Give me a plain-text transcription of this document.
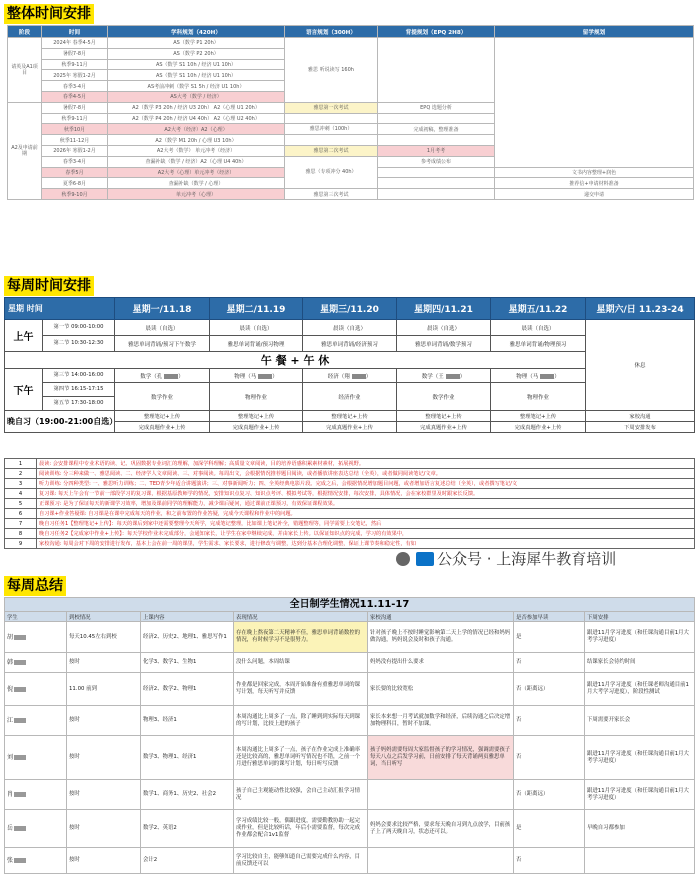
整体时间安排
阶段	时间	学科规划（420H）	语言规划（300H）	背提规划（EPQ 2H8）	留学规划
请英及A1项目	2024年 春季4-5月	AS（数学 P1 20h）	雅思 听说读写 160h		
	暑假7-8月	AS（数学 P2 20h）			
	秋季9-11月	AS（数学 S1 10h / 经济 U1 10h）			
	2025年 寒假1-2月	AS（数学 S1 10h / 经济 U1 10h）			
	春季3-4月	AS考前冲刺（数学 S1 5h / 经济 U1 10h）			
	春季4-5月	AS大考（数学 / 经济）			
A2及申请前期	暑假7-8月	A2（数学 P3 20h / 经济 U3 20h） A2（心理 U1 20h）	雅思第一次考试	EPQ 选题分析	
	秋季9-11月	A2（数学 P4 20h / 经济 U4 40h） A2（心理 U2 40h）			
	秋季10月	A2大考（经济）A2（心理）	雅思冲刺（100h）	完成初稿，整理准备	
	秋季11-12月	A2（数学 M1 20h / 心理 U3 10h）			
	2026年 寒假1-2月	A2大考（数学） 单元冲考（经济）	雅思第二次考试	1月考考	
	春季3-4月	查漏补缺（数学 / 经济）A2（心理 U4 40h）	雅思（专项冲分 40h）	参考成绩公布	
	春季5月	A2大考（心理）单元冲考（经济）			文书内容整理+润色
	夏季6-8月	查漏补缺（数学 / 心理）			推荐信+申请材料准备
	秋季9-10月	单元冲考（心理）	雅思第三次考试		递交申请
每周时间安排
星期 时间		星期一/11.18	星期二/11.19	星期三/11.20	星期四/11.21	星期五/11.22	星期六/日 11.23-24
上午	第一节 09:00-10:00	晨读（自选）	晨读（自选）	晨读（自选）	晨读（自选）	晨读（自选）	休息
	第二节 10:30-12:30	雅思单词背诵/预习下午数学	雅思单词背诵/预习物理	雅思单词背诵/经济预习	雅思单词背诵/数学预习	雅思单词背诵/物理预习	
午 餐 + 午 休							
下午	第三节 14:00-16:00	数学（孔 ）	物理（马 ）	经济（翔 ）	数学（王 ）	物理（马 ）	
	第四节 16:15-17:15	数学作业	物理作业	经济作业	数学作业	物理作业	
	第五节 17:30-18:00						
晚自习（19:00-21:00自选）		整理笔记+上传	整理笔记+上传	整理笔记+上传	整理笔记+上传	整理笔记+上传	家校沟通
		完成真题作业+上传	完成真题作业+上传	完成真题作业+上传	完成真题作业+上传	完成真题作业+上传	下周安排发布
1	晨读: 会安排课程中专业术语的读、记、巩固数据专业词汇的理解，加深学科理解；高质量文章阅读，目的培养语感积累素材素材，拓展视野。
2	阅读训练: 分三种来做一、雅思阅读、二、经济学人文章阅读、三、对事阅读。每周出文，会根据情况推荐题目阅读，或者播放讲座表达总结（全英），或者做同阅读笔记/文章。
3	听力训练: 分四种类型: 一、雅思听力训练；二、TED青少年适合讲题演讲；三、对事新闻听力；四、全英经典电影片段。完成之后，会根据情况增加题目问题，或者增加语言复述总结（全英），或者撰写笔记/文
4	复习课: 每天上午会有一节前一部段学习的复习课，根据基原教师学的情况，安排知识点复习、知识点考评、模拟考试等，根据情况安排，每次安排，具体情况，会在家校群里及时跟家长反馈。
5	正课预习: 是为了保证每天的新课学习效率，增加及课前同学的理解能力，减少课后疑问，通过课前正课预习，有效保证课程效果。
6	自习课+作业答疑课: 自习课是在课中完成每天的作业，和之前布置的作业答疑，完成今天课程和作业中的问题。
7	晚自习任务1【整理笔记+上传】：每天的课后到家中还需要整理今天所学，完成笔记整理，比如课上笔记补全，错题整理等，同学需要上交笔记，然后
8	晚自习任务2【完成家中作业+上传】：每天学校作业未完成部分，会通知家长，让学生在家中继续完成，并由家长上传。以保证知识点的完成，学习的有效果中，
9	家校沟通: 每周会对下周的安排进行发布，基本上会在前一周的课里，学生需求、家长要求，进行修改与调整，达到分基本合理化调整，保证上课节奏和稳定性，有如
公众号 · 上海犀牛教育培训
每周总结
全日制学生情况11.11-17						
学生	到校情况	上课内容	表现情况	家校沟通	是否参加早读	下周安排
胡	每天10.45左右到校	经济2、历史2、地理1、雅思写作1	存在晚上熬夜第二天精神不佳，雅思单词背诵数控的情况，有时候学习不是很努力。	针对孩子晚上不按时睡觉影响第二天上学的情况已经和妈妈做沟通，妈妈说会及时和孩子沟通。	是	跟进11月学习进度（和任课沟通目前1月大考学习进度）
韩	按时	化学3、数学1、生物1	没什么问题，本周结课	妈妈没有提出什么要求	否	结课家长会待约时间
倪	11.00 前到	经济2、数学2、物理1	作业都是回家完成，本周开始准备有重雅思单词的课写计划，每天听写并反馈	家长要的比较宽松	否（距离远）	跟进11月学习进度（和任课老师沟通目前1月大考学习进度），阶段性测试
江	按时	物理3、经济1	本周沟通比上周多了一点，除了睡到到实际每天到课的写计划，比较上进的孩子	家长本来想一月考试就加数学和经济，后续沟通之后决定增加物理科目，暂时不加课。	否	下周需要开家长会
刘	按时	数学3、物理1、经济1	本周沟通比上周多了一点，孩子在作业完成上准确率还是比较高的，雅思单词听写情况也不错，之前一个月进行雅思单词的课写计划，每日听写反馈	孩子妈妈需要每周大家监督孩子的学习情况，强调需要孩子每天八点之后发学习前，日前安排了每天背诵两页雅思单词，当日听写	否	跟进11月学习进度（和任课沟通目前1月大考学习进度）
肖	按时	数学1、商务1、历史2、社会2	孩子自己主观能动性比较强，会自己主动汇报学习情况		否（距离远）	跟进11月学习进度（和任课沟通目前1月大考学习进度）
岳	按时	数学2、英语2	学习成绩比较一般，偶跟进度，需要勤教协助一起完成作业，但是比较听话，年后小需要监督，每次完成作业都会配合1v1监督	妈妈会要求比较严格，要求每天晚自习到九点放学，目前孩子上了两天晚自习，状态还可以。	是	早晚自习都参加
张	按时	会计2	学习比较自主，能够知道自己需要完成什么内容，目前反馈还可以		否	
